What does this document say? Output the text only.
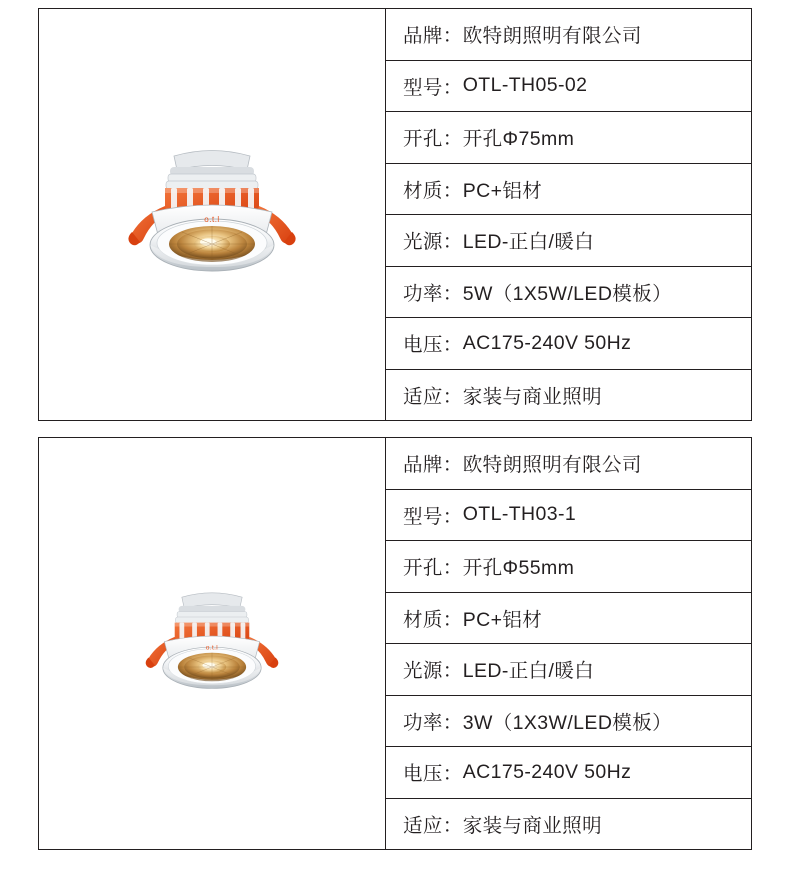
o.t.l
品牌： 欧特朗照明有限公司
型号： OTL-TH05-02
开孔： 开孔Φ75mm
材质： PC+铝材
光源： LED-正白/暖白
功率： 5W（1X5W/LED模板）
电压： AC175-240V 50Hz
适应： 家装与商业照明
o.t.l
品牌： 欧特朗照明有限公司
型号： OTL-TH03-1
开孔： 开孔Φ55mm
材质： PC+铝材
光源： LED-正白/暖白
功率： 3W（1X3W/LED模板）
电压： AC175-240V 50Hz
适应： 家装与商业照明
